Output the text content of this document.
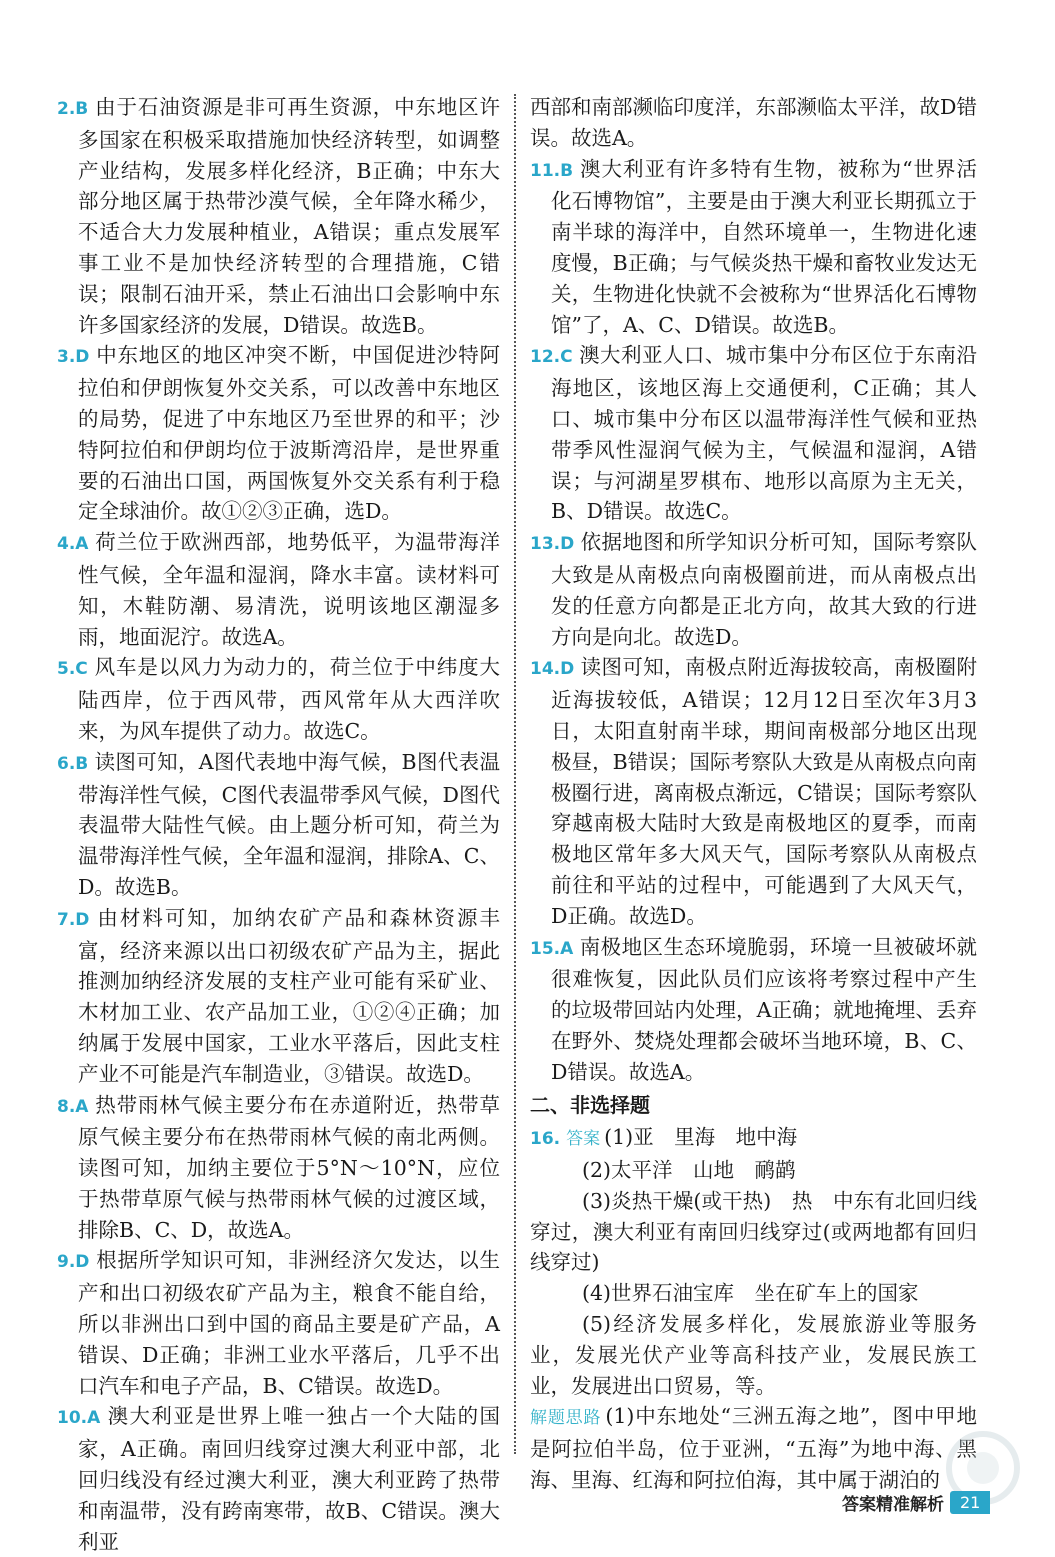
2.B 由于石油资源是非可再生资源，中东地区许多国家在积极采取措施加快经济转型，如调整产业结构，发展多样化经济，B正确；中东大部分地区属于热带沙漠气候，全年降水稀少，不适合大力发展种植业，A错误；重点发展军事工业不是加快经济转型的合理措施，C错误；限制石油开采，禁止石油出口会影响中东许多国家经济的发展，D错误。故选B。

3.D 中东地区的地区冲突不断，中国促进沙特阿拉伯和伊朗恢复外交关系，可以改善中东地区的局势，促进了中东地区乃至世界的和平；沙特阿拉伯和伊朗均位于波斯湾沿岸，是世界重要的石油出口国，两国恢复外交关系有利于稳定全球油价。故①②③正确，选D。

4.A 荷兰位于欧洲西部，地势低平，为温带海洋性气候，全年温和湿润，降水丰富。读材料可知，木鞋防潮、易清洗，说明该地区潮湿多雨，地面泥泞。故选A。

5.C 风车是以风力为动力的，荷兰位于中纬度大陆西岸，位于西风带，西风常年从大西洋吹来，为风车提供了动力。故选C。

6.B 读图可知，A图代表地中海气候，B图代表温带海洋性气候，C图代表温带季风气候，D图代表温带大陆性气候。由上题分析可知，荷兰为温带海洋性气候，全年温和湿润，排除A、C、D。故选B。

7.D 由材料可知，加纳农矿产品和森林资源丰富，经济来源以出口初级农矿产品为主，据此推测加纳经济发展的支柱产业可能有采矿业、木材加工业、农产品加工业，①②④正确；加纳属于发展中国家，工业水平落后，因此支柱产业不可能是汽车制造业，③错误。故选D。

8.A 热带雨林气候主要分布在赤道附近，热带草原气候主要分布在热带雨林气候的南北两侧。读图可知，加纳主要位于5°N～10°N，应位于热带草原气候与热带雨林气候的过渡区域，排除B、C、D，故选A。

9.D 根据所学知识可知，非洲经济欠发达，以生产和出口初级农矿产品为主，粮食不能自给，所以非洲出口到中国的商品主要是矿产品，A错误、D正确；非洲工业水平落后，几乎不出口汽车和电子产品，B、C错误。故选D。

10.A 澳大利亚是世界上唯一独占一个大陆的国家，A正确。南回归线穿过澳大利亚中部，北回归线没有经过澳大利亚，澳大利亚跨了热带和南温带，没有跨南寒带，故B、C错误。澳大利亚

西部和南部濒临印度洋，东部濒临太平洋，故D错误。故选A。

11.B 澳大利亚有许多特有生物，被称为“世界活化石博物馆”，主要是由于澳大利亚长期孤立于南半球的海洋中，自然环境单一，生物进化速度慢，B正确；与气候炎热干燥和畜牧业发达无关，生物进化快就不会被称为“世界活化石博物馆”了，A、C、D错误。故选B。

12.C 澳大利亚人口、城市集中分布区位于东南沿海地区，该地区海上交通便利，C正确；其人口、城市集中分布区以温带海洋性气候和亚热带季风性湿润气候为主，气候温和湿润，A错误；与河湖星罗棋布、地形以高原为主无关，B、D错误。故选C。

13.D 依据地图和所学知识分析可知，国际考察队大致是从南极点向南极圈前进，而从南极点出发的任意方向都是正北方向，故其大致的行进方向是向北。故选D。

14.D 读图可知，南极点附近海拔较高，南极圈附近海拔较低，A错误；12月12日至次年3月3日，太阳直射南半球，期间南极部分地区出现极昼，B错误；国际考察队大致是从南极点向南极圈行进，离南极点渐远，C错误；国际考察队穿越南极大陆时大致是南极地区的夏季，而南极地区常年多大风天气，国际考察队从南极点前往和平站的过程中，可能遇到了大风天气，D正确。故选D。

15.A 南极地区生态环境脆弱，环境一旦被破坏就很难恢复，因此队员们应该将考察过程中产生的垃圾带回站内处理，A正确；就地掩埋、丢弃在野外、焚烧处理都会破坏当地环境，B、C、D错误。故选A。

二、非选择题

16. 答案 (1)亚　里海　地中海

(2)太平洋　山地　鸸鹋

(3)炎热干燥(或干热)　热　中东有北回归线穿过，澳大利亚有南回归线穿过(或两地都有回归线穿过)

(4)世界石油宝库　坐在矿车上的国家

(5)经济发展多样化，发展旅游业等服务业，发展光伏产业等高科技产业，发展民族工业，发展进出口贸易，等。

解题思路 (1)中东地处“三洲五海之地”，图中甲地是阿拉伯半岛，位于亚洲，“五海”为地中海、黑海、里海、红海和阿拉伯海，其中属于湖泊的

答案精准解析	21
